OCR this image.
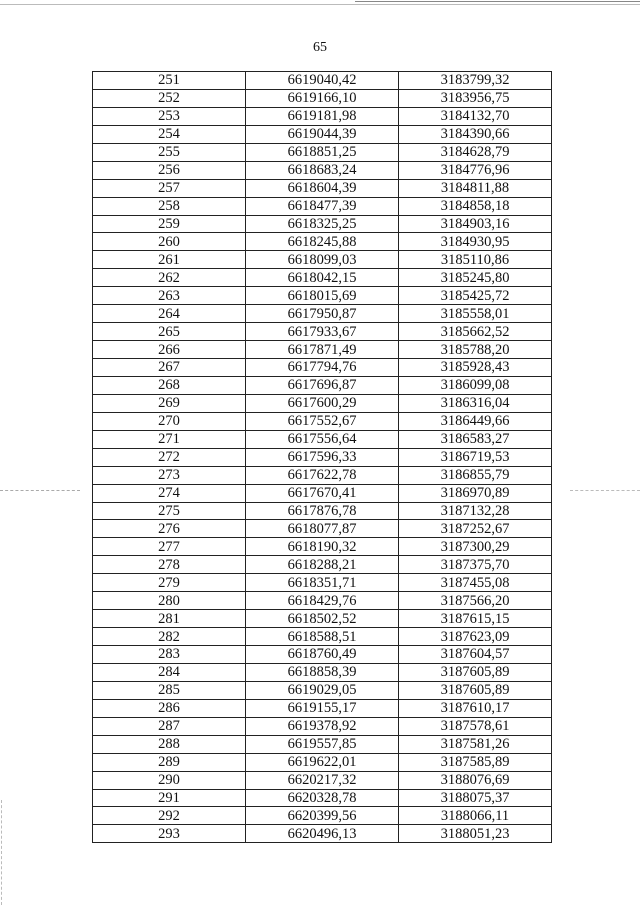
65
251	6619040,42	3183799,32
252	6619166,10	3183956,75
253	6619181,98	3184132,70
254	6619044,39	3184390,66
255	6618851,25	3184628,79
256	6618683,24	3184776,96
257	6618604,39	3184811,88
258	6618477,39	3184858,18
259	6618325,25	3184903,16
260	6618245,88	3184930,95
261	6618099,03	3185110,86
262	6618042,15	3185245,80
263	6618015,69	3185425,72
264	6617950,87	3185558,01
265	6617933,67	3185662,52
266	6617871,49	3185788,20
267	6617794,76	3185928,43
268	6617696,87	3186099,08
269	6617600,29	3186316,04
270	6617552,67	3186449,66
271	6617556,64	3186583,27
272	6617596,33	3186719,53
273	6617622,78	3186855,79
274	6617670,41	3186970,89
275	6617876,78	3187132,28
276	6618077,87	3187252,67
277	6618190,32	3187300,29
278	6618288,21	3187375,70
279	6618351,71	3187455,08
280	6618429,76	3187566,20
281	6618502,52	3187615,15
282	6618588,51	3187623,09
283	6618760,49	3187604,57
284	6618858,39	3187605,89
285	6619029,05	3187605,89
286	6619155,17	3187610,17
287	6619378,92	3187578,61
288	6619557,85	3187581,26
289	6619622,01	3187585,89
290	6620217,32	3188076,69
291	6620328,78	3188075,37
292	6620399,56	3188066,11
293	6620496,13	3188051,23
